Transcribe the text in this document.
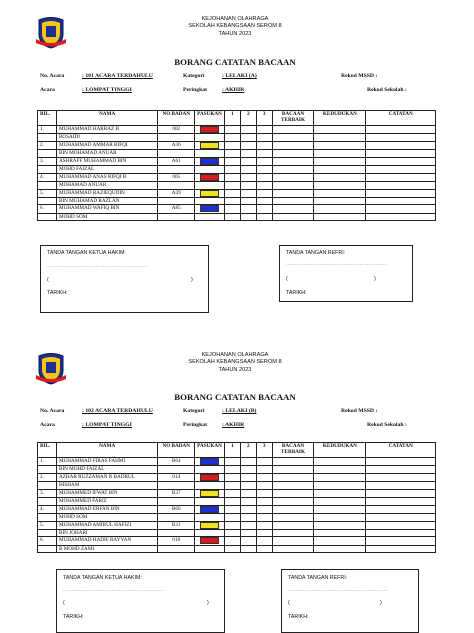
KEJOHANAN OLAHRAGA
SEKOLAH KEBANGSAAN SEROM 8
TAHUN 2023
BORANG CATATAN BACAAN
No. Acara	: 101 ACARA TERDAHULU	Kategori	: LELAKI (A)	Rekod MSSD :
Acara	: LOMPAT TINGGI	Peringkat	: AKHIR	Rekod Sekolah :
BIL.	NAMA	NO BADAN	PASUKAN	1	2	3	BACAAN TERBAIK	KEDUDUKAN	CATATAN
1.	MUHAMMAD HARRAZ B	002							
	ROSAIDI								
2.	MUHAMMAD AMMAR RIFQI	A36							
	BIN MOHAMAD ANUAR								
3.	ASHRAFF MUHAMMAD BIN	A61							
	MOHD FAIZAL								
4.	MUHAMMAD ANAS RIFQI B	005							
	MOHAMAD ANUAR								
5.	MUHAMMAD RAZIEQUDIN	A39							
	BIN MUHAMAD RAZLAN								
6.	MUHAMMAD WAFIQ BIN	A85							
	MOHD SOM								
TANDA TANGAN KETUA HAKIM:
....................................................................
(	)
TARIKH:
TANDA TANGAN REFRI:
....................................................................
(	)
TARIKH:
KEJOHANAN OLAHRAGA
SEKOLAH KEBANGSAAN SEROM 8
TAHUN 2023
BORANG CATATAN BACAAN
No. Acara	: 102 ACARA TERDAHULU	Kategori	: LELAKI (B)	Rekod MSSD :
Acara	: LOMPAT TINGGI	Peringkat	: AKHIR	Rekod Sekolah :
BIL.	NAMA	NO BADAN	PASUKAN	1	2	3	BACAAN TERBAIK	KEDUDUKAN	CATATAN
1.	MUHAMMAD FIRAS FAHMI	B64							
	BIN MOHD FAIZAL								
2.	AZHAR RUZZAMAN B BADRUL	014							
	HISHAM								
3.	MUHAMMED IFWAT BIN	B37							
	MOHAMMED FARIZ								
4.	MUHAMMAD ERFAN BIN	B66							
	MOHD SOM								
5.	MUHAMMAD AMIRUL HAFIZI	B31							
	BIN JOHARI								
6.	MUHAMMAD HADIF RAYYAN	018							
	B MOHD ZAMI								
TANDA TANGAN KETUA HAKIM:
....................................................................
(	)
TARIKH:
TANDA TANGAN REFRI:
....................................................................
(	)
TARIKH:
